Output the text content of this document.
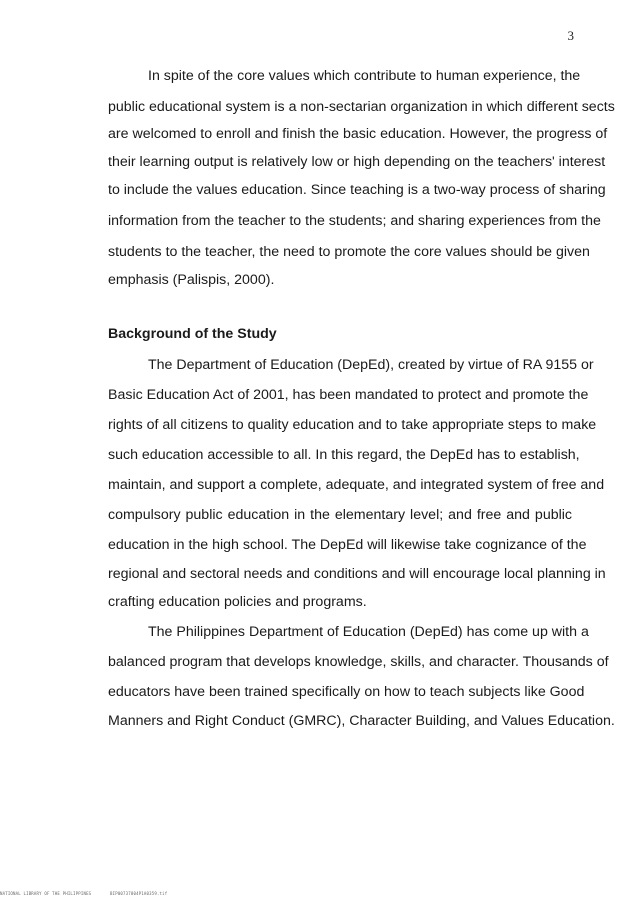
3
In spite of the core values which contribute to human experience, the
public educational system is a non-sectarian organization in which different sects
are welcomed to enroll and finish the basic education. However, the progress of
their learning output is relatively low or high depending on the teachers' interest
to include the values education. Since teaching is a two-way process of sharing
information from the teacher to the students; and sharing experiences from the
students to the teacher, the need to promote the core values should be given
emphasis (Palispis, 2000).
Background of the Study
The Department of Education (DepEd), created by virtue of RA 9155 or
Basic Education Act of 2001, has been mandated to protect and promote the
rights of all citizens to quality education and to take appropriate steps to make
such education accessible to all. In this regard, the DepEd has to establish,
maintain, and support a complete, adequate, and integrated system of free and
compulsory public education in the elementary level; and free and public
education in the high school. The DepEd will likewise take cognizance of the
regional and sectoral needs and conditions and will encourage local planning in
crafting education policies and programs.
The Philippines Department of Education (DepEd) has come up with a
balanced program that develops knowledge, skills, and character. Thousands of
educators have been trained specifically on how to teach subjects like Good
Manners and Right Conduct (GMRC), Character Building, and Values Education.
NATIONAL LIBRARY OF THE PHILIPPINES	BIP00737804P1A0359.tif
